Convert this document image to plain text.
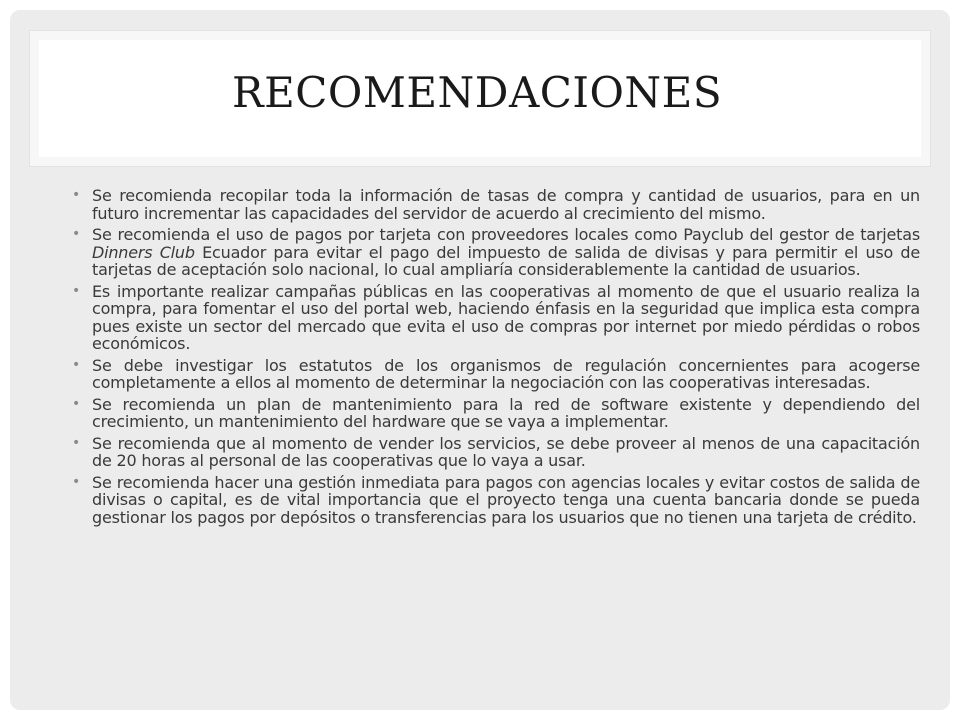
RECOMENDACIONES
• Se recomienda recopilar toda la información de tasas de compra y cantidad de usuarios, para en un futuro incrementar las capacidades del servidor de acuerdo al crecimiento del mismo.
• Se recomienda el uso de pagos por tarjeta con proveedores locales como Payclub del gestor de tarjetas Dinners Club Ecuador para evitar el pago del impuesto de salida de divisas y para permitir el uso de tarjetas de aceptación solo nacional, lo cual ampliaría considerablemente la cantidad de usuarios.
• Es importante realizar campañas públicas en las cooperativas al momento de que el usuario realiza la compra, para fomentar el uso del portal web, haciendo énfasis en la seguridad que implica esta compra pues existe un sector del mercado que evita el uso de compras por internet por miedo pérdidas o robos económicos.
• Se debe investigar los estatutos de los organismos de regulación concernientes para acogerse completamente a ellos al momento de determinar la negociación con las cooperativas interesadas.
• Se recomienda un plan de mantenimiento para la red de software existente y dependiendo del crecimiento, un mantenimiento del hardware que se vaya a implementar.
• Se recomienda que al momento de vender los servicios, se debe proveer al menos de una capacitación de 20 horas al personal de las cooperativas que lo vaya a usar.
• Se recomienda hacer una gestión inmediata para pagos con agencias locales y evitar costos de salida de divisas o capital, es de vital importancia que el proyecto tenga una cuenta bancaria donde se pueda gestionar los pagos por depósitos o transferencias para los usuarios que no tienen una tarjeta de crédito.
